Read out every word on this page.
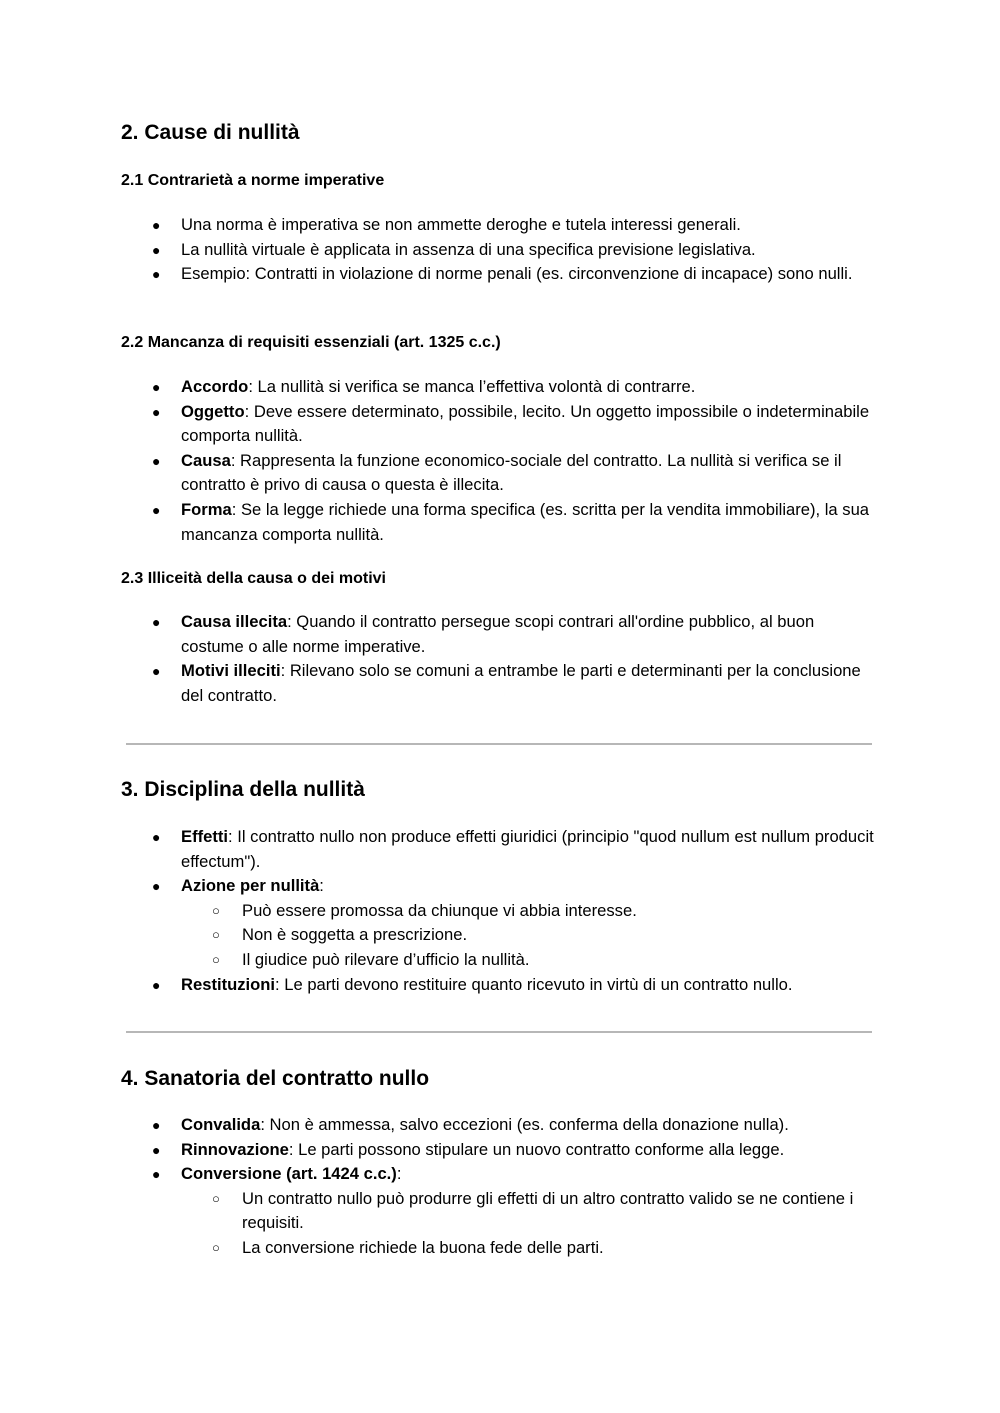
2. Cause di nullità
2.1 Contrarietà a norme imperative
● Una norma è imperativa se non ammette deroghe e tutela interessi generali.
● La nullità virtuale è applicata in assenza di una specifica previsione legislativa.
● Esempio: Contratti in violazione di norme penali (es. circonvenzione di incapace) sono nulli.
2.2 Mancanza di requisiti essenziali (art. 1325 c.c.)
● Accordo: La nullità si verifica se manca l’effettiva volontà di contrarre.
● Oggetto: Deve essere determinato, possibile, lecito. Un oggetto impossibile o indeterminabile comporta nullità.
● Causa: Rappresenta la funzione economico-sociale del contratto. La nullità si verifica se il contratto è privo di causa o questa è illecita.
● Forma: Se la legge richiede una forma specifica (es. scritta per la vendita immobiliare), la sua mancanza comporta nullità.
2.3 Illiceità della causa o dei motivi
● Causa illecita: Quando il contratto persegue scopi contrari all'ordine pubblico, al buon costume o alle norme imperative.
● Motivi illeciti: Rilevano solo se comuni a entrambe le parti e determinanti per la conclusione del contratto.
3. Disciplina della nullità
● Effetti: Il contratto nullo non produce effetti giuridici (principio "quod nullum est nullum producit effectum").
● Azione per nullità:
○ Può essere promossa da chiunque vi abbia interesse.
○ Non è soggetta a prescrizione.
○ Il giudice può rilevare d’ufficio la nullità.
● Restituzioni: Le parti devono restituire quanto ricevuto in virtù di un contratto nullo.
4. Sanatoria del contratto nullo
● Convalida: Non è ammessa, salvo eccezioni (es. conferma della donazione nulla).
● Rinnovazione: Le parti possono stipulare un nuovo contratto conforme alla legge.
● Conversione (art. 1424 c.c.):
○ Un contratto nullo può produrre gli effetti di un altro contratto valido se ne contiene i requisiti.
○ La conversione richiede la buona fede delle parti.
